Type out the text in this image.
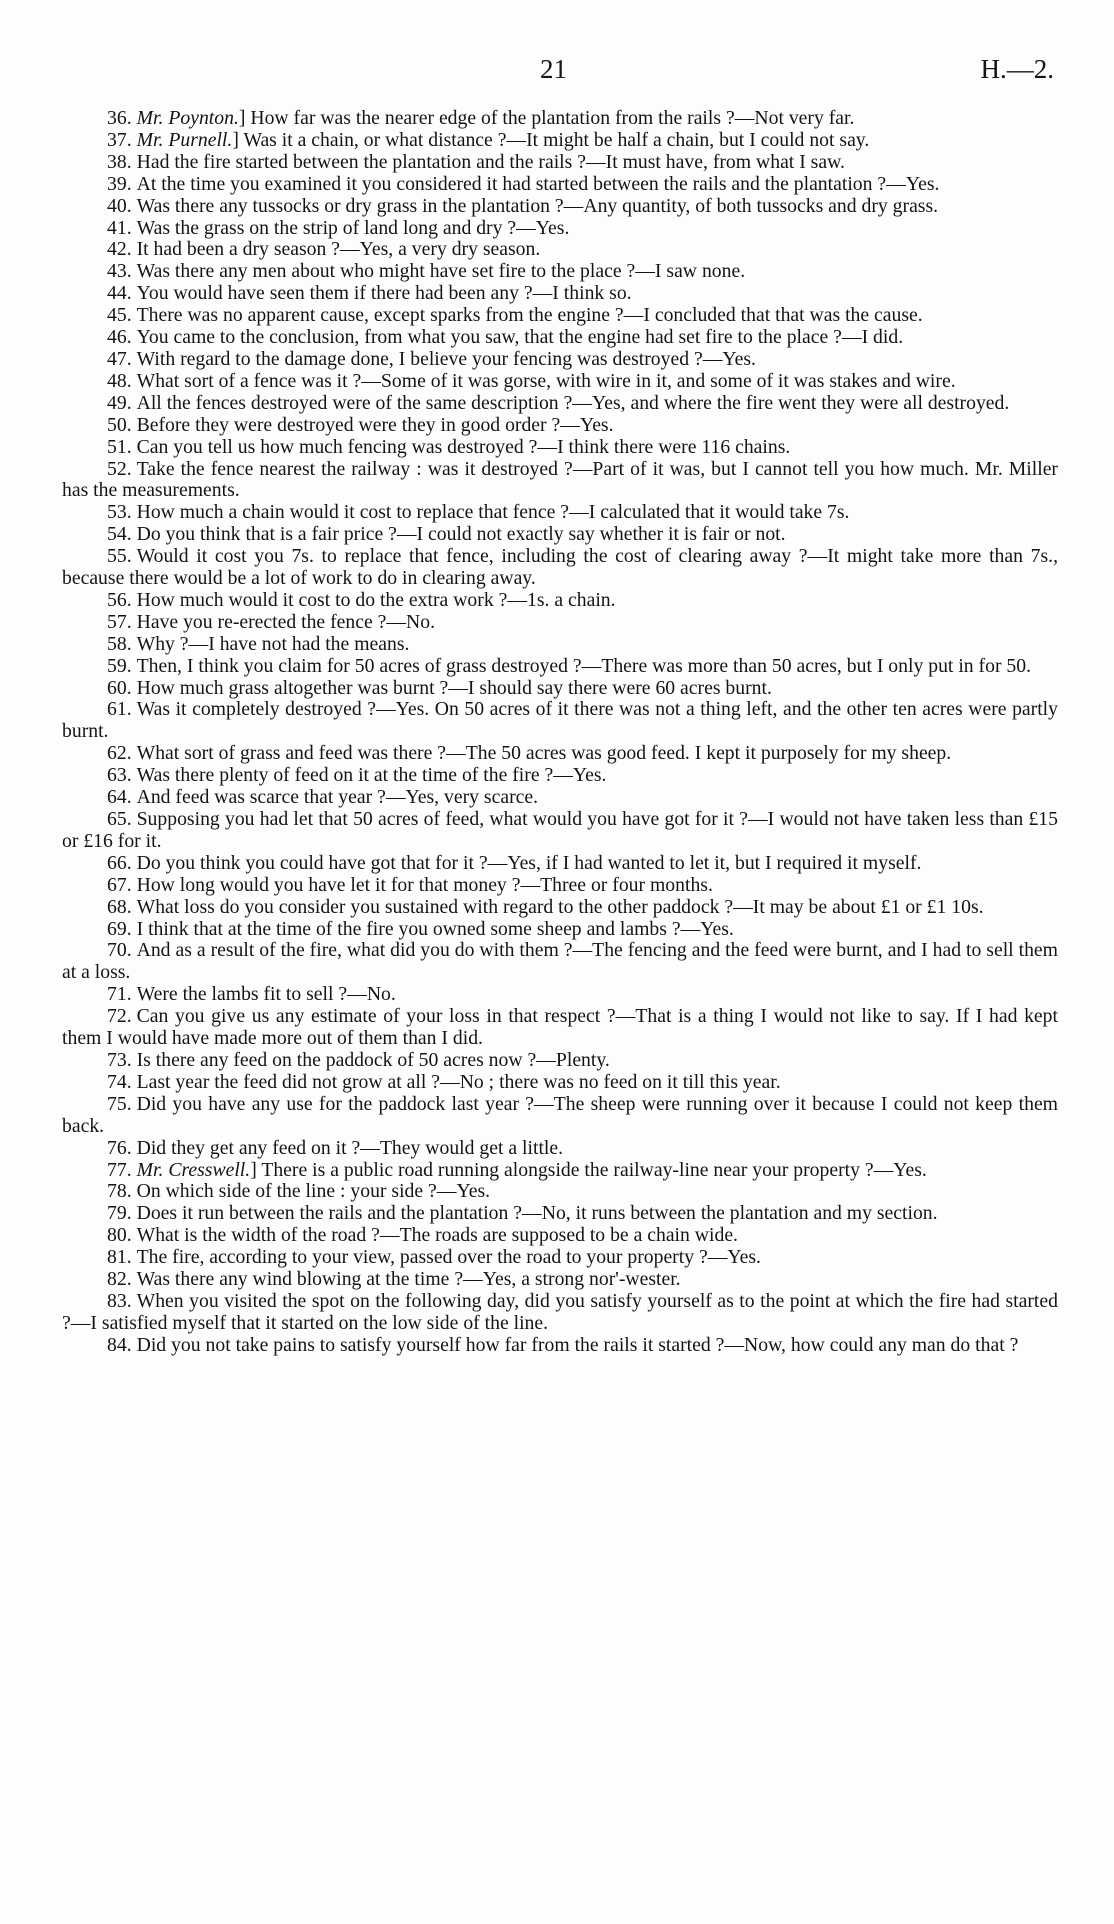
21	H.—2.

36. Mr. Poynton.] How far was the nearer edge of the plantation from the rails ?—Not very far.

37. Mr. Purnell.] Was it a chain, or what distance ?—It might be half a chain, but I could not say.

38. Had the fire started between the plantation and the rails ?—It must have, from what I saw.

39. At the time you examined it you considered it had started between the rails and the plantation ?—Yes.

40. Was there any tussocks or dry grass in the plantation ?—Any quantity, of both tussocks and dry grass.

41. Was the grass on the strip of land long and dry ?—Yes.

42. It had been a dry season ?—Yes, a very dry season.

43. Was there any men about who might have set fire to the place ?—I saw none.

44. You would have seen them if there had been any ?—I think so.

45. There was no apparent cause, except sparks from the engine ?—I concluded that that was the cause.

46. You came to the conclusion, from what you saw, that the engine had set fire to the place ?—I did.

47. With regard to the damage done, I believe your fencing was destroyed ?—Yes.

48. What sort of a fence was it ?—Some of it was gorse, with wire in it, and some of it was stakes and wire.

49. All the fences destroyed were of the same description ?—Yes, and where the fire went they were all destroyed.

50. Before they were destroyed were they in good order ?—Yes.

51. Can you tell us how much fencing was destroyed ?—I think there were 116 chains.

52. Take the fence nearest the railway : was it destroyed ?—Part of it was, but I cannot tell you how much. Mr. Miller has the measurements.

53. How much a chain would it cost to replace that fence ?—I calculated that it would take 7s.

54. Do you think that is a fair price ?—I could not exactly say whether it is fair or not.

55. Would it cost you 7s. to replace that fence, including the cost of clearing away ?—It might take more than 7s., because there would be a lot of work to do in clearing away.

56. How much would it cost to do the extra work ?—1s. a chain.

57. Have you re-erected the fence ?—No.

58. Why ?—I have not had the means.

59. Then, I think you claim for 50 acres of grass destroyed ?—There was more than 50 acres, but I only put in for 50.

60. How much grass altogether was burnt ?—I should say there were 60 acres burnt.

61. Was it completely destroyed ?—Yes. On 50 acres of it there was not a thing left, and the other ten acres were partly burnt.

62. What sort of grass and feed was there ?—The 50 acres was good feed. I kept it purposely for my sheep.

63. Was there plenty of feed on it at the time of the fire ?—Yes.

64. And feed was scarce that year ?—Yes, very scarce.

65. Supposing you had let that 50 acres of feed, what would you have got for it ?—I would not have taken less than £15 or £16 for it.

66. Do you think you could have got that for it ?—Yes, if I had wanted to let it, but I required it myself.

67. How long would you have let it for that money ?—Three or four months.

68. What loss do you consider you sustained with regard to the other paddock ?—It may be about £1 or £1 10s.

69. I think that at the time of the fire you owned some sheep and lambs ?—Yes.

70. And as a result of the fire, what did you do with them ?—The fencing and the feed were burnt, and I had to sell them at a loss.

71. Were the lambs fit to sell ?—No.

72. Can you give us any estimate of your loss in that respect ?—That is a thing I would not like to say. If I had kept them I would have made more out of them than I did.

73. Is there any feed on the paddock of 50 acres now ?—Plenty.

74. Last year the feed did not grow at all ?—No ; there was no feed on it till this year.

75. Did you have any use for the paddock last year ?—The sheep were running over it because I could not keep them back.

76. Did they get any feed on it ?—They would get a little.

77. Mr. Cresswell.] There is a public road running alongside the railway-line near your property ?—Yes.

78. On which side of the line : your side ?—Yes.

79. Does it run between the rails and the plantation ?—No, it runs between the plantation and my section.

80. What is the width of the road ?—The roads are supposed to be a chain wide.

81. The fire, according to your view, passed over the road to your property ?—Yes.

82. Was there any wind blowing at the time ?—Yes, a strong nor'-wester.

83. When you visited the spot on the following day, did you satisfy yourself as to the point at which the fire had started ?—I satisfied myself that it started on the low side of the line.

84. Did you not take pains to satisfy yourself how far from the rails it started ?—Now, how could any man do that ?
